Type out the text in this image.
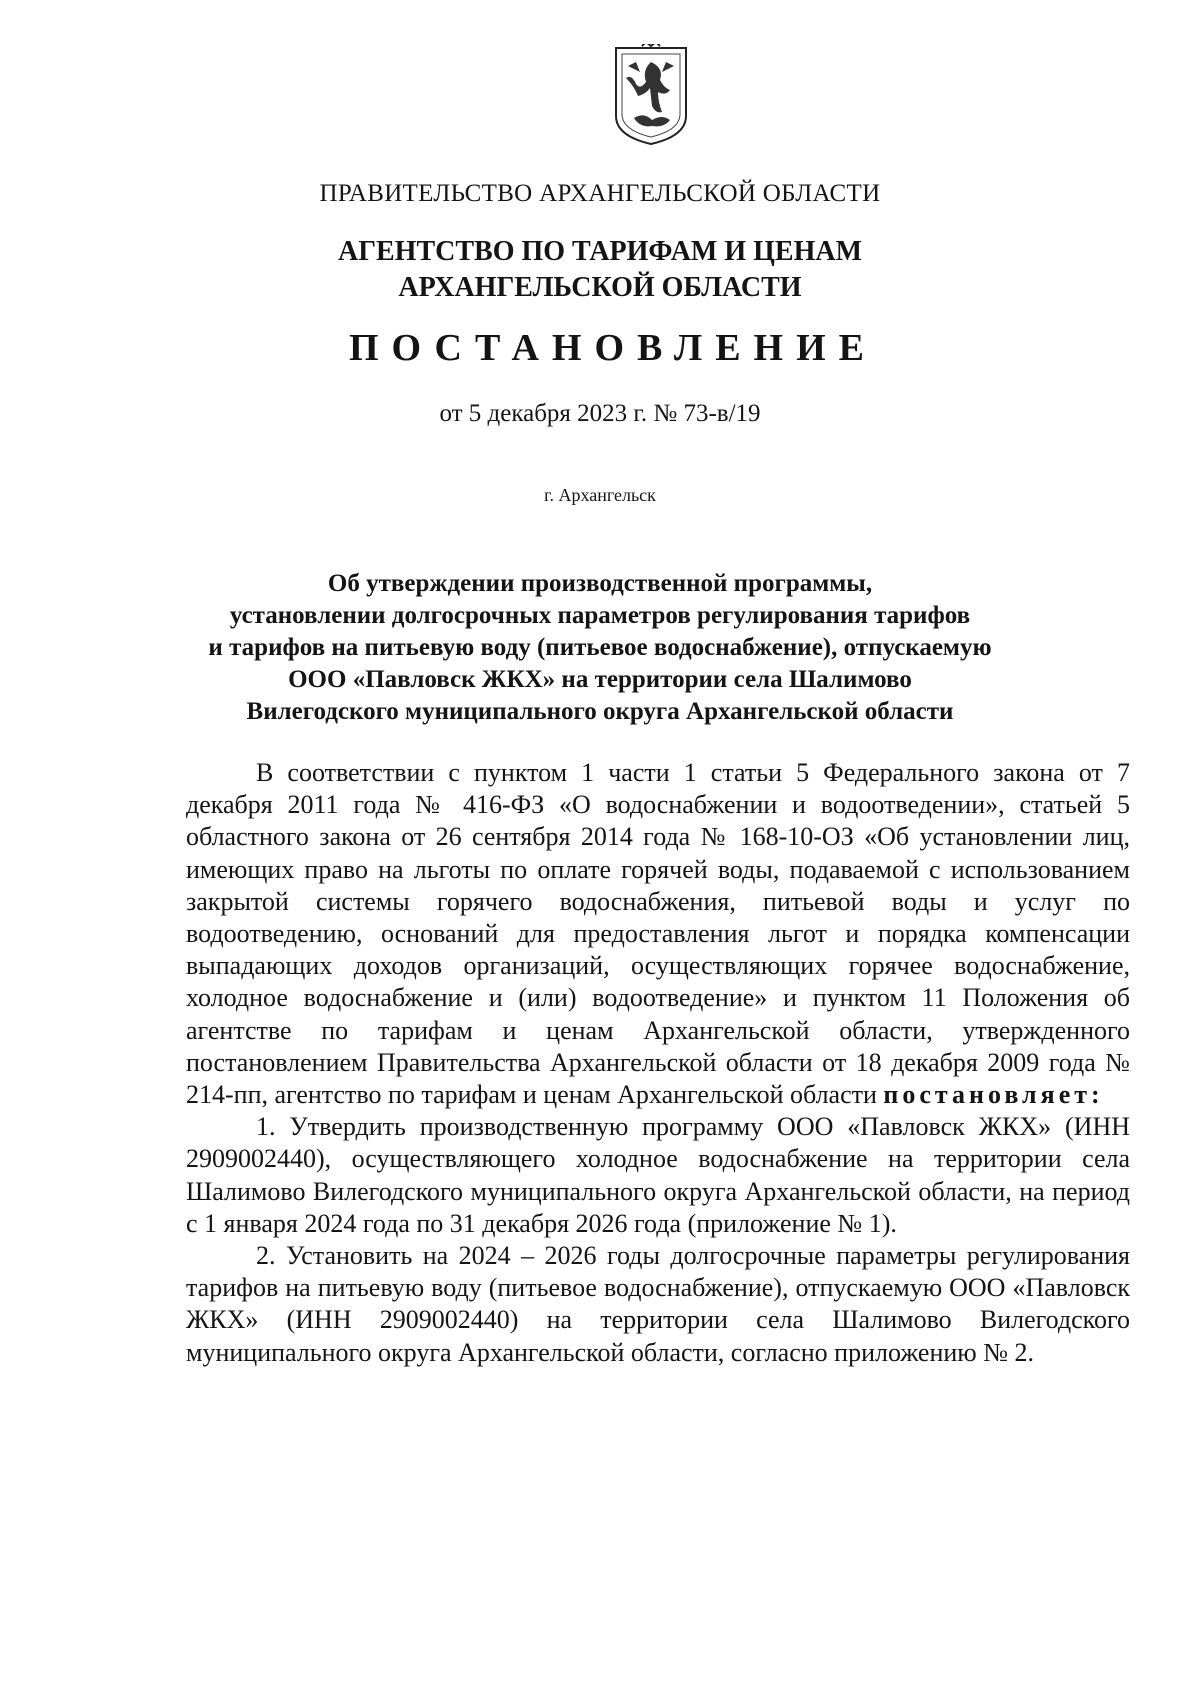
ПРАВИТЕЛЬСТВО АРХАНГЕЛЬСКОЙ ОБЛАСТИ
АГЕНТСТВО ПО ТАРИФАМ И ЦЕНАМ
АРХАНГЕЛЬСКОЙ ОБЛАСТИ
ПОСТАНОВЛЕНИЕ
от 5 декабря 2023 г. № 73-в/19
г. Архангельск
Об утверждении производственной программы,
установлении долгосрочных параметров регулирования тарифов
и тарифов на питьевую воду (питьевое водоснабжение), отпускаемую
ООО «Павловск ЖКХ» на территории села Шалимово
Вилегодского муниципального округа Архангельской области

В соответствии с пунктом 1 части 1 статьи 5 Федерального закона от 7 декабря 2011 года № 416-ФЗ «О водоснабжении и водоотведении», статьей 5 областного закона от 26 сентября 2014 года № 168-10-ОЗ «Об установлении лиц, имеющих право на льготы по оплате горячей воды, подаваемой с использованием закрытой системы горячего водоснабжения, питьевой воды и услуг по водоотведению, оснований для предоставления льгот и порядка компенсации выпадающих доходов организаций, осуществляющих горячее водоснабжение, холодное водоснабжение и (или) водоотведение» и пунктом 11 Положения об агентстве по тарифам и ценам Архангельской области, утвержденного постановлением Правительства Архангельской области от 18 декабря 2009 года № 214-пп, агентство по тарифам и ценам Архангельской области постановляет:

1. Утвердить производственную программу ООО «Павловск ЖКХ» (ИНН 2909002440), осуществляющего холодное водоснабжение на территории села Шалимово Вилегодского муниципального округа Архангельской области, на период с 1 января 2024 года по 31 декабря 2026 года (приложение № 1).

2. Установить на 2024 – 2026 годы долгосрочные параметры регулирования тарифов на питьевую воду (питьевое водоснабжение), отпускаемую ООО «Павловск ЖКХ» (ИНН 2909002440) на территории села Шалимово Вилегодского муниципального округа Архангельской области, согласно приложению № 2.
